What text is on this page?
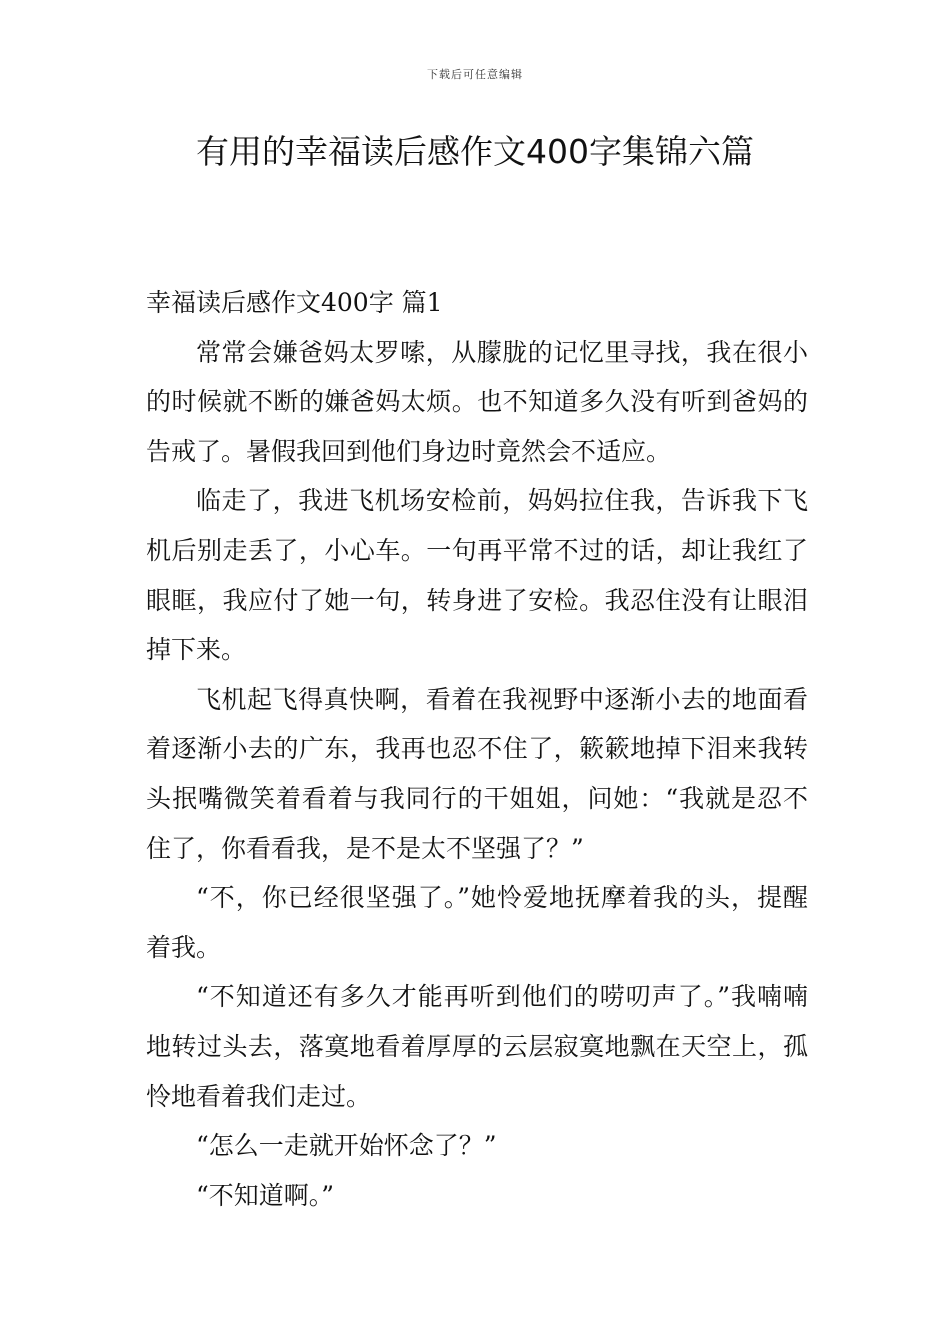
下载后可任意编辑
有用的幸福读后感作文400字集锦六篇
幸福读后感作文400字 篇1

常常会嫌爸妈太罗嗦，从朦胧的记忆里寻找，我在很小的时候就不断的嫌爸妈太烦。也不知道多久没有听到爸妈的告戒了。暑假我回到他们身边时竟然会不适应。

临走了，我进飞机场安检前，妈妈拉住我，告诉我下飞机后别走丢了，小心车。一句再平常不过的话，却让我红了眼眶，我应付了她一句，转身进了安检。我忍住没有让眼泪掉下来。

飞机起飞得真快啊，看着在我视野中逐渐小去的地面看着逐渐小去的广东，我再也忍不住了，簌簌地掉下泪来我转头抿嘴微笑着看着与我同行的干姐姐，问她：“我就是忍不住了，你看看我，是不是太不坚强了？”

“不，你已经很坚强了。”她怜爱地抚摩着我的头，提醒着我。

“不知道还有多久才能再听到他们的唠叨声了。”我喃喃地转过头去，落寞地看着厚厚的云层寂寞地飘在天空上，孤怜地看着我们走过。

“怎么一走就开始怀念了？”

“不知道啊。”
